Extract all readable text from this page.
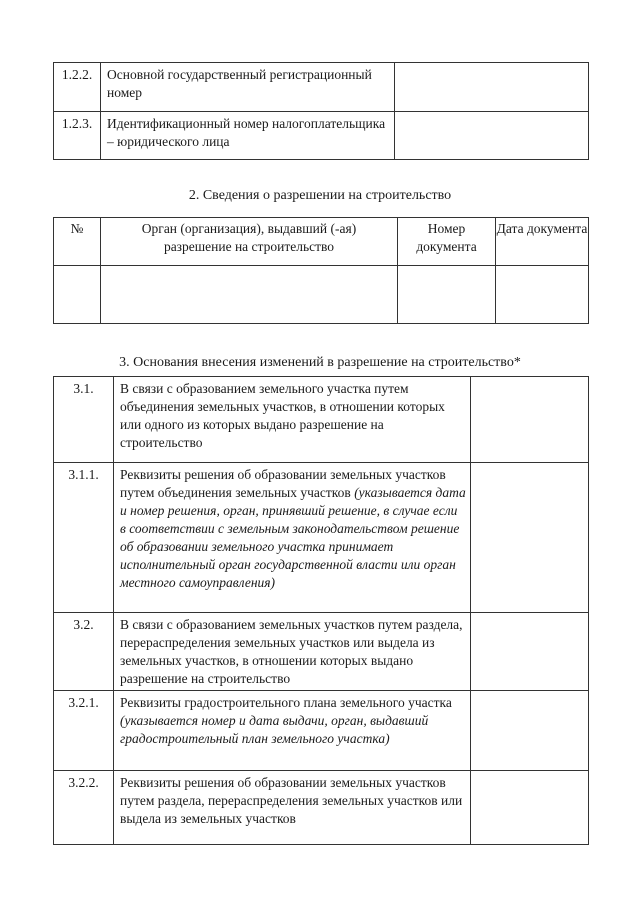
1.2.2.	Основной государственный регистрационный номер	
1.2.3.	Идентификационный номер налогоплательщика – юридического лица	
2. Сведения о разрешении на строительство
№	Орган (организация), выдавший (-ая) разрешение на строительство	Номер документа	Дата документа

3. Основания внесения изменений в разрешение на строительство*
3.1.	В связи с образованием земельного участка путем объединения земельных участков, в отношении которых или одного из которых выдано разрешение на строительство	
3.1.1.	Реквизиты решения об образовании земельных участков путем объединения земельных участков (указывается дата и номер решения, орган, принявший решение, в случае если в соответствии с земельным законодательством решение об образовании земельного участка принимает исполнительный орган государственной власти или орган местного самоуправления)	
3.2.	В связи с образованием земельных участков путем раздела, перераспределения земельных участков или выдела из земельных участков, в отношении которых выдано разрешение на строительство	
3.2.1.	Реквизиты градостроительного плана земельного участка (указывается номер и дата выдачи, орган, выдавший градостроительный план земельного участка)	
3.2.2.	Реквизиты решения об образовании земельных участков путем раздела, перераспределения земельных участков или выдела из земельных участков	
